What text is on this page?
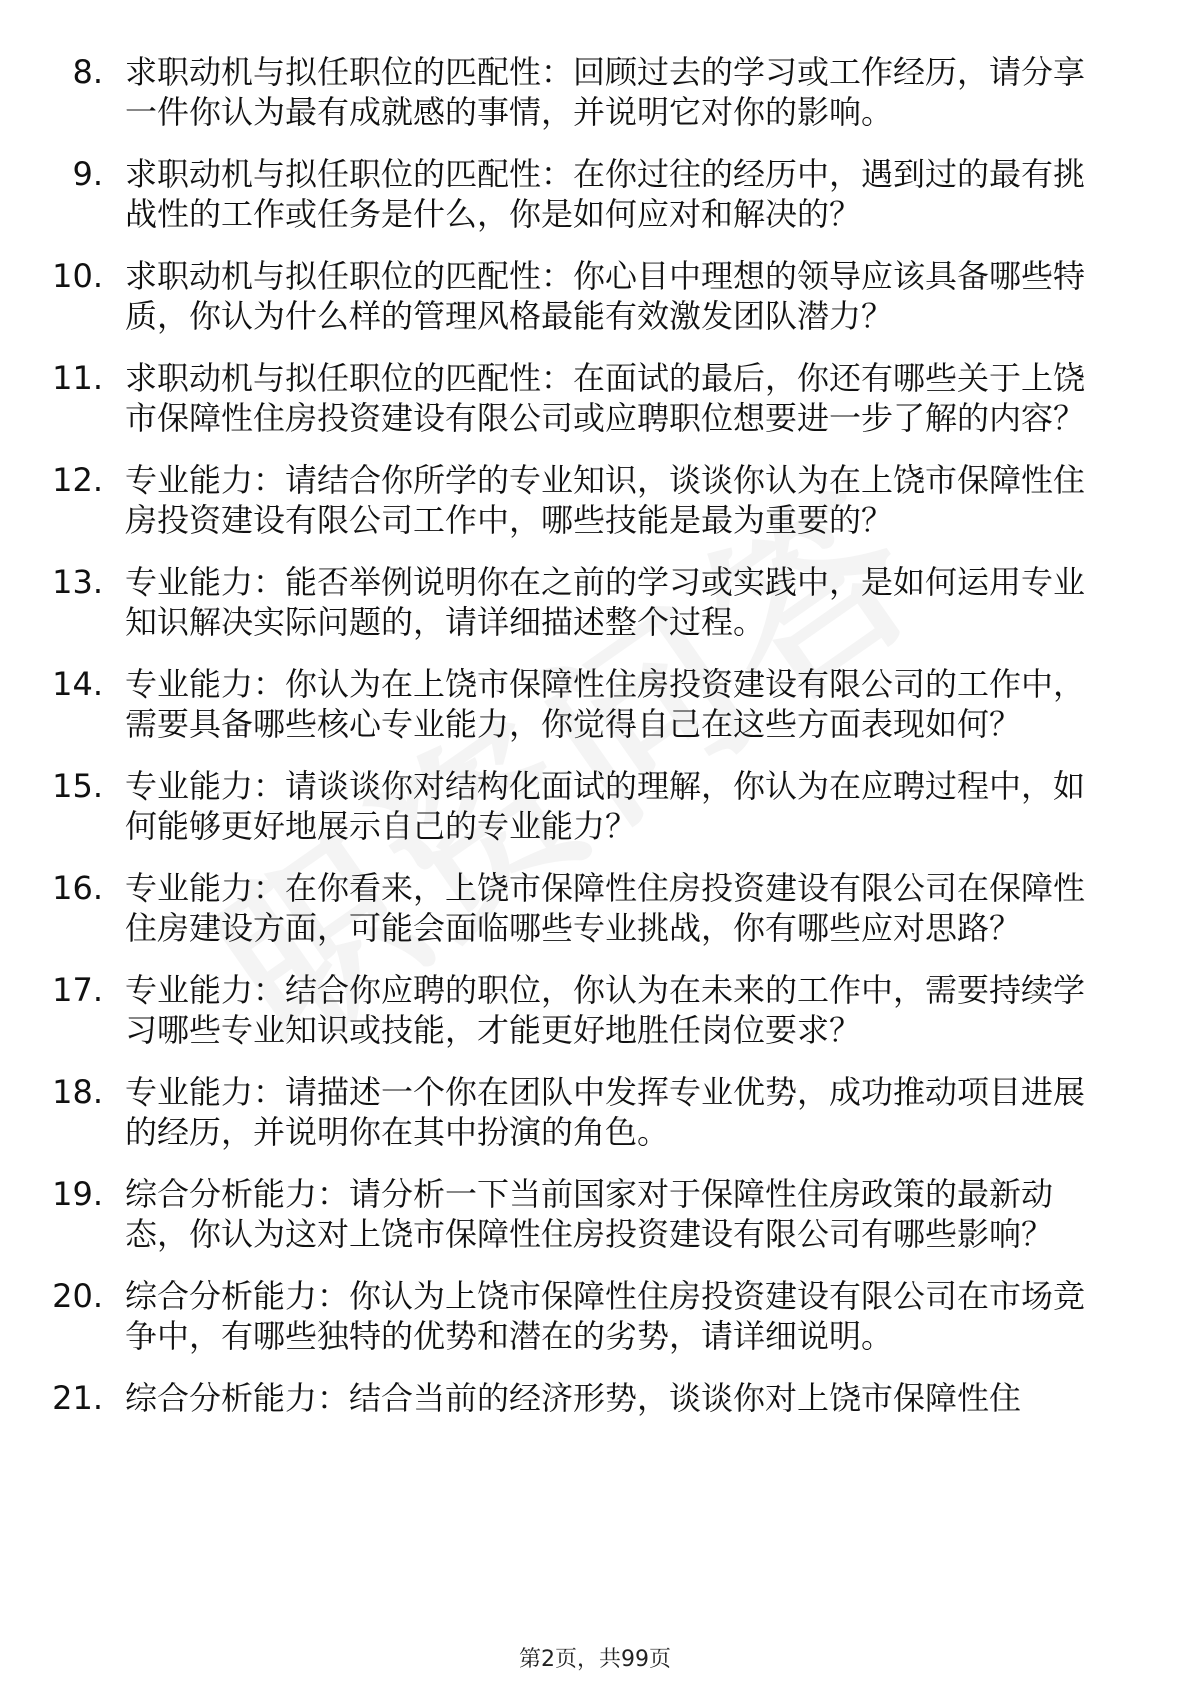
8. 求职动机与拟任职位的匹配性：回顾过去的学习或工作经历，请分享一件你认为最有成就感的事情，并说明它对你的影响。
9. 求职动机与拟任职位的匹配性：在你过往的经历中，遇到过的最有挑战性的工作或任务是什么，你是如何应对和解决的？
10. 求职动机与拟任职位的匹配性：你心目中理想的领导应该具备哪些特质，你认为什么样的管理风格最能有效激发团队潜力？
11. 求职动机与拟任职位的匹配性：在面试的最后，你还有哪些关于上饶市保障性住房投资建设有限公司或应聘职位想要进一步了解的内容？
12. 专业能力：请结合你所学的专业知识，谈谈你认为在上饶市保障性住房投资建设有限公司工作中，哪些技能是最为重要的？
13. 专业能力：能否举例说明你在之前的学习或实践中，是如何运用专业知识解决实际问题的，请详细描述整个过程。
14. 专业能力：你认为在上饶市保障性住房投资建设有限公司的工作中，需要具备哪些核心专业能力，你觉得自己在这些方面表现如何？
15. 专业能力：请谈谈你对结构化面试的理解，你认为在应聘过程中，如何能够更好地展示自己的专业能力？
16. 专业能力：在你看来，上饶市保障性住房投资建设有限公司在保障性住房建设方面，可能会面临哪些专业挑战，你有哪些应对思路？
17. 专业能力：结合你应聘的职位，你认为在未来的工作中，需要持续学习哪些专业知识或技能，才能更好地胜任岗位要求？
18. 专业能力：请描述一个你在团队中发挥专业优势，成功推动项目进展的经历，并说明你在其中扮演的角色。
19. 综合分析能力：请分析一下当前国家对于保障性住房政策的最新动态，你认为这对上饶市保障性住房投资建设有限公司有哪些影响？
20. 综合分析能力：你认为上饶市保障性住房投资建设有限公司在市场竞争中，有哪些独特的优势和潜在的劣势，请详细说明。
21. 综合分析能力：结合当前的经济形势，谈谈你对上饶市保障性住
第2页，共99页
